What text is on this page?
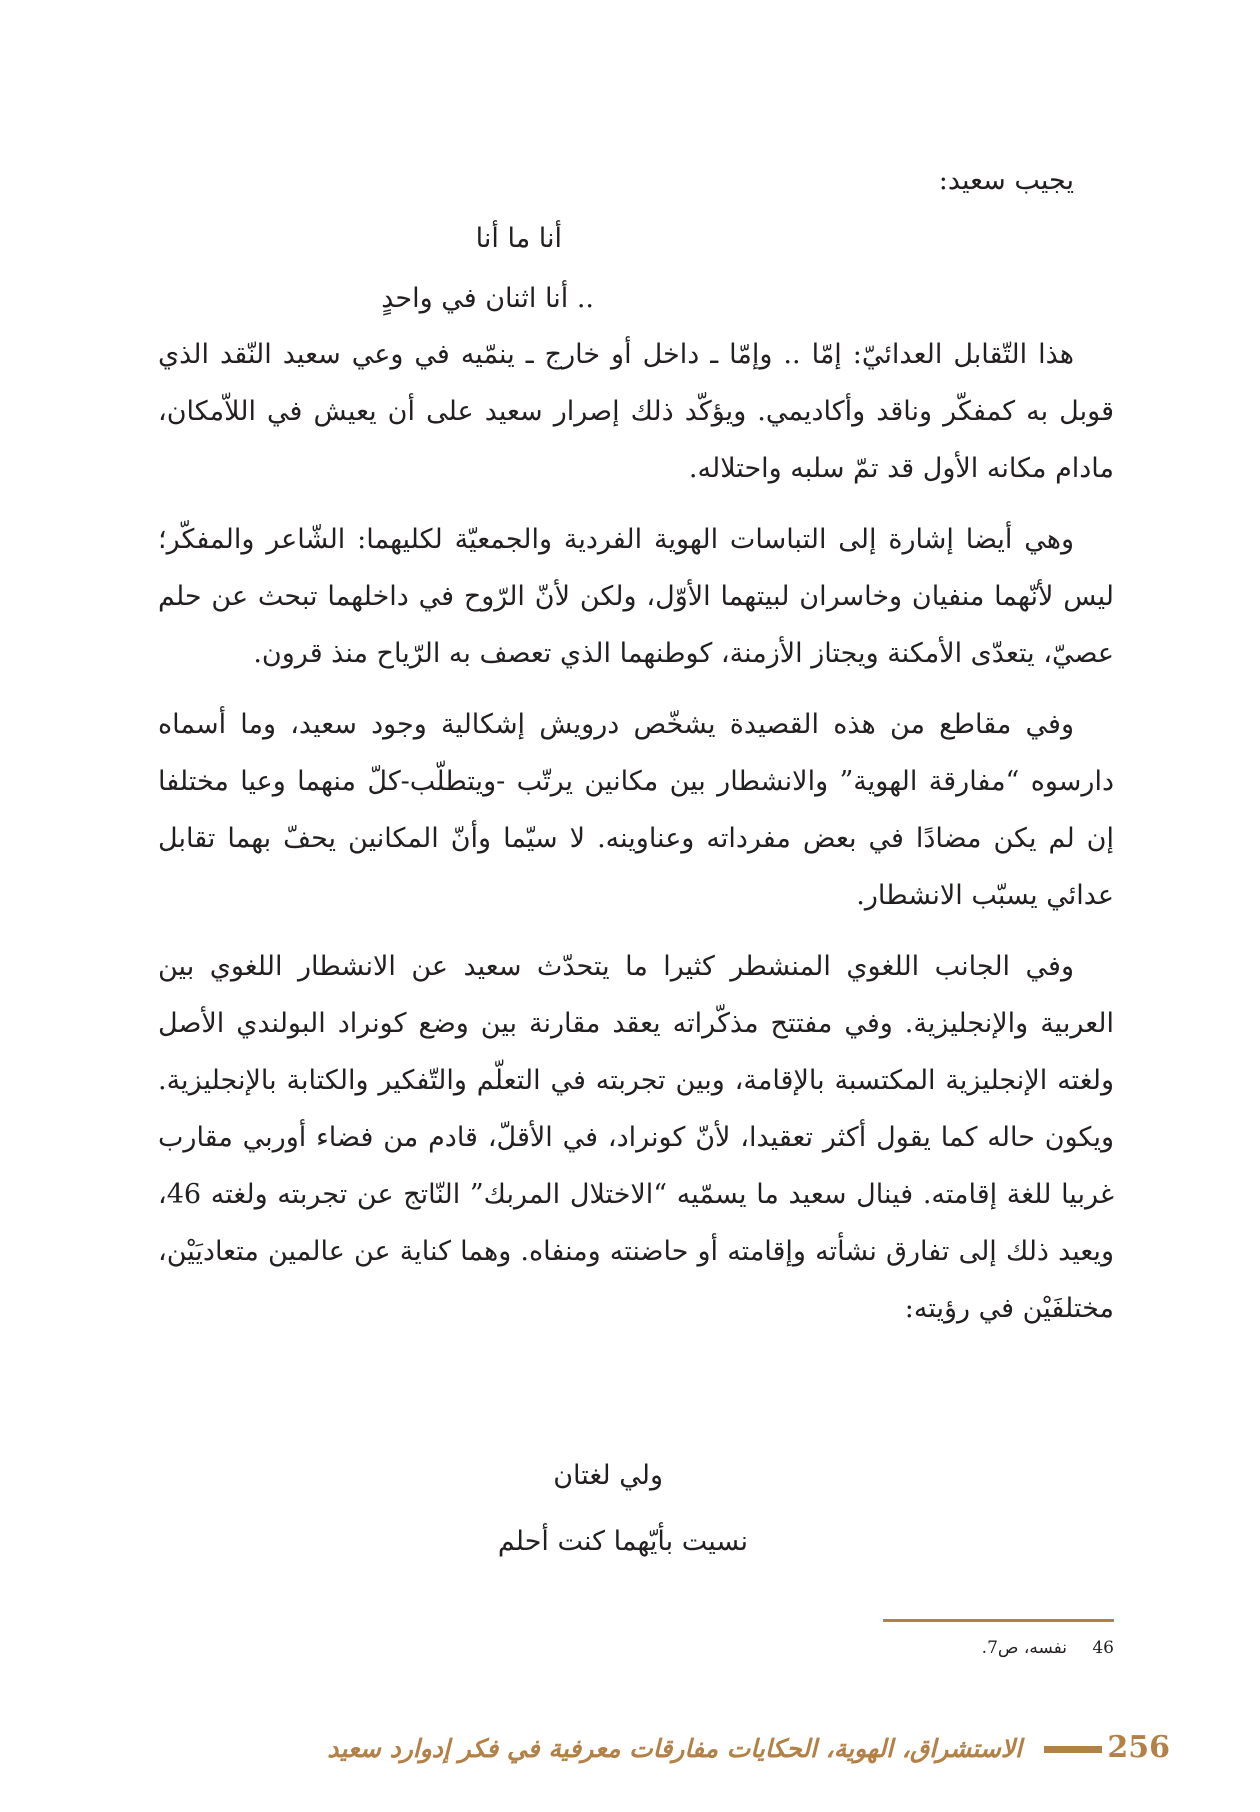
يجيب سعيد:

أنا ما أنا

.. أنا اثنان في واحدٍ

هذا التّقابل العدائيّ: إمّا .. وإمّا ـ داخل أو خارج ـ ينمّيه في وعي سعيد النّقد الذي قوبل به كمفكّر وناقد وأكاديمي. ويؤكّد ذلك إصرار سعيد على أن يعيش في اللاّمكان، مادام مكانه الأول قد تمّ سلبه واحتلاله.

وهي أيضا إشارة إلى التباسات الهوية الفردية والجمعيّة لكليهما: الشّاعر والمفكّر؛ ليس لأنّهما منفيان وخاسران لبيتهما الأوّل، ولكن لأنّ الرّوح في داخلهما تبحث عن حلم عصيّ، يتعدّى الأمكنة ويجتاز الأزمنة، كوطنهما الذي تعصف به الرّياح منذ قرون.

وفي مقاطع من هذه القصيدة يشخّص درويش إشكالية وجود سعيد، وما أسماه دارسوه “مفارقة الهوية” والانشطار بين مكانين يرتّب -ويتطلّب-كلّ منهما وعيا مختلفا إن لم يكن مضادًا في بعض مفرداته وعناوينه. لا سيّما وأنّ المكانين يحفّ بهما تقابل عدائي يسبّب الانشطار.

وفي الجانب اللغوي المنشطر كثيرا ما يتحدّث سعيد عن الانشطار اللغوي بين العربية والإنجليزية. وفي مفتتح مذكّراته يعقد مقارنة بين وضع كونراد البولندي الأصل ولغته الإنجليزية المكتسبة بالإقامة، وبين تجربته في التعلّم والتّفكير والكتابة بالإنجليزية. ويكون حاله كما يقول أكثر تعقيدا، لأنّ كونراد، في الأقلّ، قادم من فضاء أوربي مقارب غربيا للغة إقامته. فينال سعيد ما يسمّيه “الاختلال المربك” النّاتج عن تجربته ولغته 46، ويعيد ذلك إلى تفارق نشأته وإقامته أو حاضنته ومنفاه. وهما كناية عن عالمين متعاديَيْن، مختلفَيْن في رؤيته:

ولي لغتان

نسيت بأيّهما كنت أحلم

46 نفسه، ص7.
256
الاستشراق، الهوية، الحكايات مفارقات معرفية في فكر إدوارد سعيد
